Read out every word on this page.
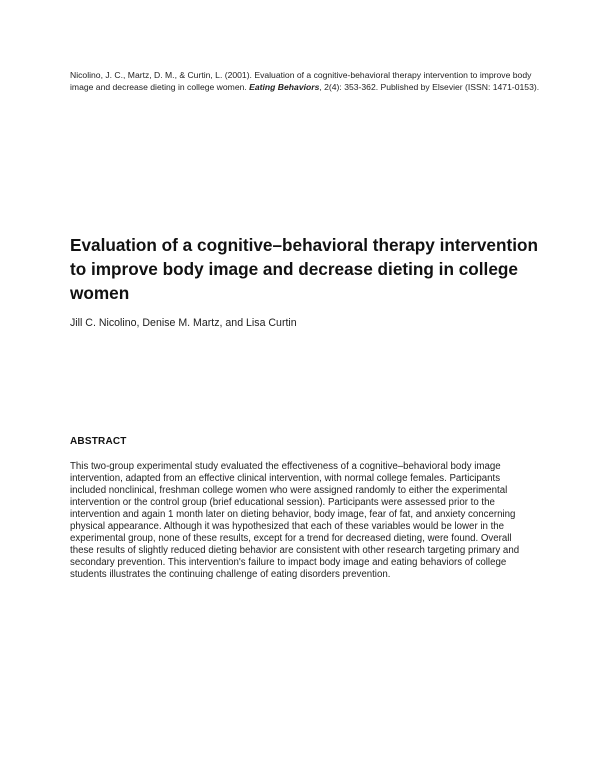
Nicolino, J. C., Martz, D. M., & Curtin, L. (2001). Evaluation of a cognitive-behavioral therapy intervention to improve body image and decrease dieting in college women. Eating Behaviors, 2(4): 353-362. Published by Elsevier (ISSN: 1471-0153).
Evaluation of a cognitive–behavioral therapy intervention to improve body image and decrease dieting in college women
Jill C. Nicolino, Denise M. Martz, and Lisa Curtin
ABSTRACT

This two-group experimental study evaluated the effectiveness of a cognitive–behavioral body image intervention, adapted from an effective clinical intervention, with normal college females. Participants included nonclinical, freshman college women who were assigned randomly to either the experimental intervention or the control group (brief educational session). Participants were assessed prior to the intervention and again 1 month later on dieting behavior, body image, fear of fat, and anxiety concerning physical appearance. Although it was hypothesized that each of these variables would be lower in the experimental group, none of these results, except for a trend for decreased dieting, were found. Overall these results of slightly reduced dieting behavior are consistent with other research targeting primary and secondary prevention. This intervention's failure to impact body image and eating behaviors of college students illustrates the continuing challenge of eating disorders prevention.
